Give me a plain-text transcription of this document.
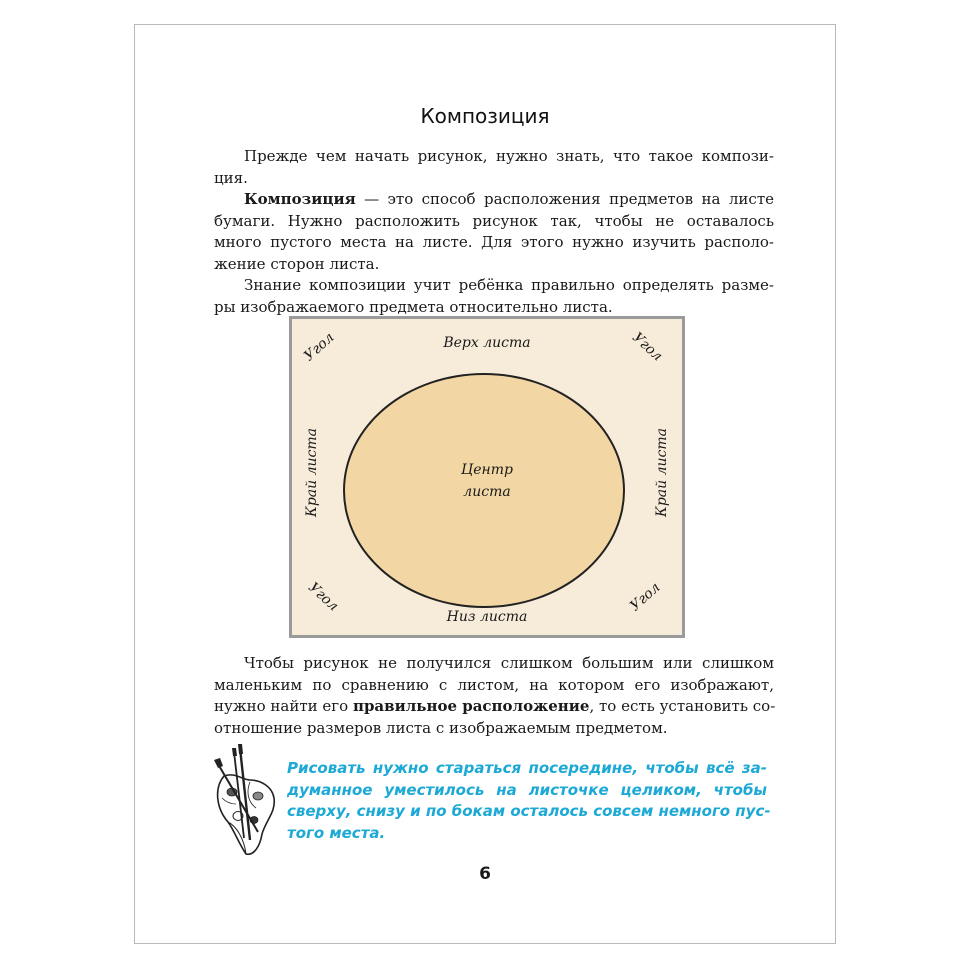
Композиция
Прежде чем начать рисунок, нужно знать, что такое компози-
ция.
Композиция — это способ расположения предметов на листе
бумаги. Нужно расположить рисунок так, чтобы не оставалось
много пустого места на листе. Для этого нужно изучить располо-
жение сторон листа.
Знание композиции учит ребёнка правильно определять разме-
ры изображаемого предмета относительно листа.
Верх листа
Низ листа
Край листа	Край листа
Угол	Угол
Угол	Угол
Центр
листа
Чтобы рисунок не получился слишком большим или слишком
маленьким по сравнению с листом, на котором его изображают,
нужно найти его правильное расположение, то есть установить со-
отношение размеров листа с изображаемым предметом.
Рисовать нужно стараться посередине, чтобы всё за-
думанное уместилось на листочке целиком, чтобы
сверху, снизу и по бокам осталось совсем немного пус-
того места.
6
